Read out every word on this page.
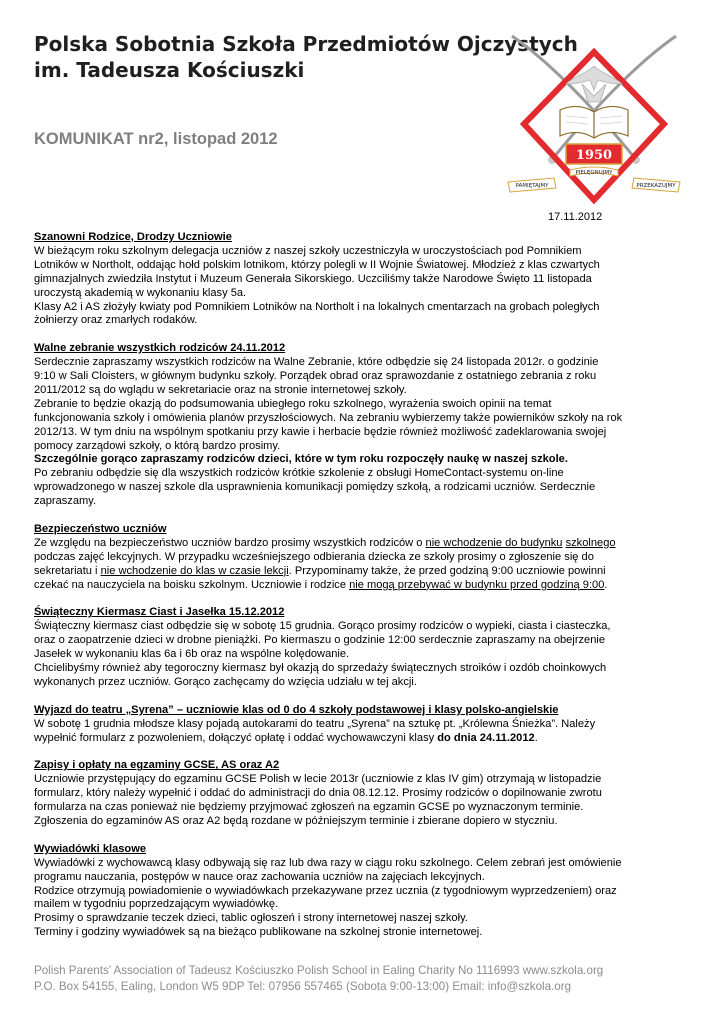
Polska Sobotnia Szkoła Przedmiotów Ojczystych
im. Tadeusza Kościuszki
KOMUNIKAT nr2, listopad 2012
1950
PIELĘGNUJMY
PAMIĘTAJMY	PRZEKAZUJMY
17.11.2012

Szanowni Rodzice, Drodzy Uczniowie

W bieżącym roku szkolnym delegacja uczniów z naszej szkoły uczestniczyła w uroczystościach pod Pomnikiem

Lotników w Northolt, oddając hołd polskim lotnikom, którzy polegli w II Wojnie Światowej. Młodzież z klas czwartych

gimnazjalnych zwiedziła Instytut i Muzeum Generała Sikorskiego. Uczciliśmy także Narodowe Święto 11 listopada

uroczystą akademią w wykonaniu klasy 5a.

Klasy A2 i AS złożyły kwiaty pod Pomnikiem Lotników na Northolt i na lokalnych cmentarzach na grobach poległych

żołnierzy oraz zmarłych rodaków.

Walne zebranie wszystkich rodziców 24.11.2012

Serdecznie zapraszamy wszystkich rodziców na Walne Zebranie, które odbędzie się 24 listopada 2012r. o godzinie

9:10 w Sali Cloisters, w głównym budynku szkoły. Porządek obrad oraz sprawozdanie z ostatniego zebrania z roku

2011/2012 są do wglądu w sekretariacie oraz na stronie internetowej szkoły.

Zebranie to będzie okazją do podsumowania ubiegłego roku szkolnego, wyrażenia swoich opinii na temat

funkcjonowania szkoły i omówienia planów przyszłościowych. Na zebraniu wybierzemy także powierników szkoły na rok

2012/13. W tym dniu na wspólnym spotkaniu przy kawie i herbacie będzie również możliwość zadeklarowania swojej

pomocy zarządowi szkoły, o którą bardzo prosimy.

Szczególnie gorąco zapraszamy rodziców dzieci, które w tym roku rozpoczęły naukę w naszej szkole.

Po zebraniu odbędzie się dla wszystkich rodziców krótkie szkolenie z obsługi HomeContact-systemu on-line

wprowadzonego w naszej szkole dla usprawnienia komunikacji pomiędzy szkołą, a rodzicami uczniów. Serdecznie

zapraszamy.

Bezpieczeństwo uczniów

Ze względu na bezpieczeństwo uczniów bardzo prosimy wszystkich rodziców o nie wchodzenie do budynku szkolnego

podczas zajęć lekcyjnych. W przypadku wcześniejszego odbierania dziecka ze szkoły prosimy o zgłoszenie się do

sekretariatu i nie wchodzenie do klas w czasie lekcji. Przypominamy także, że przed godziną 9:00 uczniowie powinni

czekać na nauczyciela na boisku szkolnym. Uczniowie i rodzice nie mogą przebywać w budynku przed godziną 9:00.

Świąteczny Kiermasz Ciast i Jasełka 15.12.2012

Świąteczny kiermasz ciast odbędzie się w sobotę 15 grudnia. Gorąco prosimy rodziców o wypieki, ciasta i ciasteczka,

oraz o zaopatrzenie dzieci w drobne pieniążki. Po kiermaszu o godzinie 12:00 serdecznie zapraszamy na obejrzenie

Jasełek w wykonaniu klas 6a i 6b oraz na wspólne kolędowanie.

Chcielibyśmy również aby tegoroczny kiermasz był okazją do sprzedaży świątecznych stroików i ozdób choinkowych

wykonanych przez uczniów. Gorąco zachęcamy do wzięcia udziału w tej akcji.

Wyjazd do teatru „Syrena” – uczniowie klas od 0 do 4 szkoły podstawowej i klasy polsko-angielskie

W sobotę 1 grudnia młodsze klasy pojadą autokarami do teatru „Syrena” na sztukę pt. „Królewna Śnieżka”. Należy

wypełnić formularz z pozwoleniem, dołączyć opłatę i oddać wychowawczyni klasy do dnia 24.11.2012.

Zapisy i opłaty na egzaminy GCSE, AS oraz A2

Uczniowie przystępujący do egzaminu GCSE Polish w lecie 2013r (uczniowie z klas IV gim) otrzymają w listopadzie

formularz, który należy wypełnić i oddać do administracji do dnia 08.12.12. Prosimy rodziców o dopilnowanie zwrotu

formularza na czas ponieważ nie będziemy przyjmować zgłoszeń na egzamin GCSE po wyznaczonym terminie.

Zgłoszenia do egzaminów AS oraz A2 będą rozdane w późniejszym terminie i zbierane dopiero w styczniu.

Wywiadówki klasowe

Wywiadówki z wychowawcą klasy odbywają się raz lub dwa razy w ciągu roku szkolnego. Celem zebrań jest omówienie

programu nauczania, postępów w nauce oraz zachowania uczniów na zajęciach lekcyjnych.

Rodzice otrzymują powiadomienie o wywiadówkach przekazywane przez ucznia (z tygodniowym wyprzedzeniem) oraz

mailem w tygodniu poprzedzającym wywiadówkę.

Prosimy o sprawdzanie teczek dzieci, tablic ogłoszeń i strony internetowej naszej szkoły.

Terminy i godziny wywiadówek są na bieżąco publikowane na szkolnej stronie internetowej.

Polish Parents’ Association of Tadeusz Kościuszko Polish School in Ealing Charity No 1116993 www.szkola.org
P.O. Box 54155, Ealing, London W5 9DP Tel: 07956 557465 (Sobota 9:00-13:00) Email: info@szkola.org
